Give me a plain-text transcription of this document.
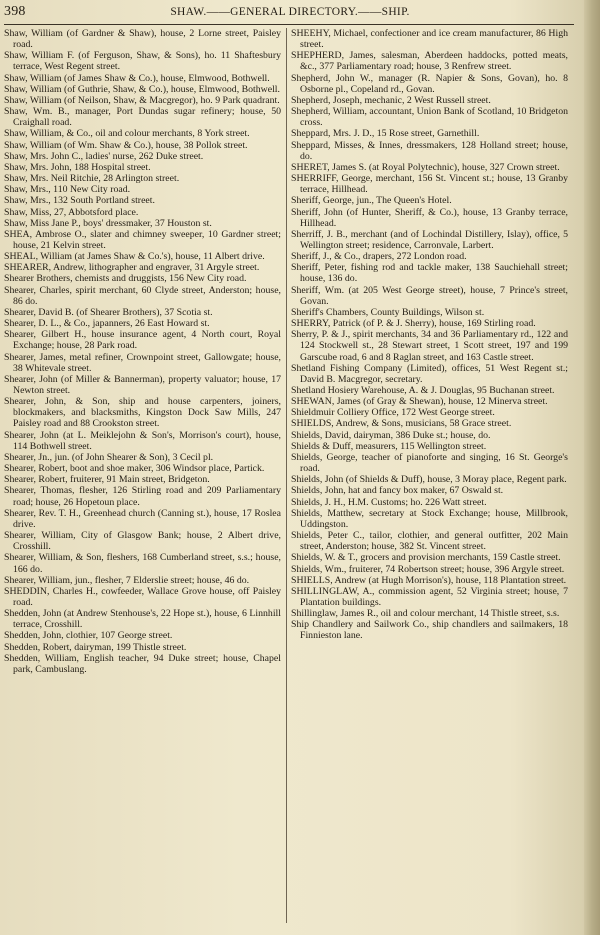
398	SHAW.——GENERAL DIRECTORY.——SHIP.

Shaw, William (of Gardner & Shaw), house, 2 Lorne street, Paisley road.

Shaw, William F. (of Ferguson, Shaw, & Sons), ho. 11 Shaftesbury terrace, West Regent street.

Shaw, William (of James Shaw & Co.), house, Elmwood, Bothwell.

Shaw, William (of Guthrie, Shaw, & Co.), house, Elmwood, Bothwell.

Shaw, William (of Neilson, Shaw, & Macgregor), ho. 9 Park quadrant.

Shaw, Wm. B., manager, Port Dundas sugar refinery; house, 50 Craighall road.

Shaw, William, & Co., oil and colour merchants, 8 York street.

Shaw, William (of Wm. Shaw & Co.), house, 38 Pollok street.

Shaw, Mrs. John C., ladies' nurse, 262 Duke street.

Shaw, Mrs. John, 188 Hospital street.

Shaw, Mrs. Neil Ritchie, 28 Arlington street.

Shaw, Mrs., 110 New City road.

Shaw, Mrs., 132 South Portland street.

Shaw, Miss, 27, Abbotsford place.

Shaw, Miss Jane P., boys' dressmaker, 37 Houston st.

SHEA, Ambrose O., slater and chimney sweeper, 10 Gardner street; house, 21 Kelvin street.

SHEAL, William (at James Shaw & Co.'s), house, 11 Albert drive.

SHEARER, Andrew, lithographer and engraver, 31 Argyle street.

Shearer Brothers, chemists and druggists, 156 New City road.

Shearer, Charles, spirit merchant, 60 Clyde street, Anderston; house, 86 do.

Shearer, David B. (of Shearer Brothers), 37 Scotia st.

Shearer, D. L., & Co., japanners, 26 East Howard st.

Shearer, Gilbert H., house insurance agent, 4 North court, Royal Exchange; house, 28 Park road.

Shearer, James, metal refiner, Crownpoint street, Gallowgate; house, 38 Whitevale street.

Shearer, John (of Miller & Bannerman), property valuator; house, 17 Newton street.

Shearer, John, & Son, ship and house carpenters, joiners, blockmakers, and blacksmiths, Kingston Dock Saw Mills, 247 Paisley road and 88 Crookston street.

Shearer, John (at L. Meiklejohn & Son's, Morrison's court), house, 114 Bothwell street.

Shearer, Jn., jun. (of John Shearer & Son), 3 Cecil pl.

Shearer, Robert, boot and shoe maker, 306 Windsor place, Partick.

Shearer, Robert, fruiterer, 91 Main street, Bridgeton.

Shearer, Thomas, flesher, 126 Stirling road and 209 Parliamentary road; house, 26 Hopetoun place.

Shearer, Rev. T. H., Greenhead church (Canning st.), house, 17 Roslea drive.

Shearer, William, City of Glasgow Bank; house, 2 Albert drive, Crosshill.

Shearer, William, & Son, fleshers, 168 Cumberland street, s.s.; house, 166 do.

Shearer, William, jun., flesher, 7 Elderslie street; house, 46 do.

SHEDDIN, Charles H., cowfeeder, Wallace Grove house, off Paisley road.

Shedden, John (at Andrew Stenhouse's, 22 Hope st.), house, 6 Linnhill terrace, Crosshill.

Shedden, John, clothier, 107 George street.

Shedden, Robert, dairyman, 199 Thistle street.

Shedden, William, English teacher, 94 Duke street; house, Chapel park, Cambuslang.

SHEEHY, Michael, confectioner and ice cream manufacturer, 86 High street.

SHEPHERD, James, salesman, Aberdeen haddocks, potted meats, &c., 377 Parliamentary road; house, 3 Renfrew street.

Shepherd, John W., manager (R. Napier & Sons, Govan), ho. 8 Osborne pl., Copeland rd., Govan.

Shepherd, Joseph, mechanic, 2 West Russell street.

Shepherd, William, accountant, Union Bank of Scotland, 10 Bridgeton cross.

Sheppard, Mrs. J. D., 15 Rose street, Garnethill.

Sheppard, Misses, & Innes, dressmakers, 128 Holland street; house, do.

SHERET, James S. (at Royal Polytechnic), house, 327 Crown street.

SHERRIFF, George, merchant, 156 St. Vincent st.; house, 13 Granby terrace, Hillhead.

Sheriff, George, jun., The Queen's Hotel.

Sheriff, John (of Hunter, Sheriff, & Co.), house, 13 Granby terrace, Hillhead.

Sherriff, J. B., merchant (and of Lochindal Distillery, Islay), office, 5 Wellington street; residence, Carronvale, Larbert.

Sheriff, J., & Co., drapers, 272 London road.

Sheriff, Peter, fishing rod and tackle maker, 138 Sauchiehall street; house, 136 do.

Sheriff, Wm. (at 205 West George street), house, 7 Prince's street, Govan.

Sheriff's Chambers, County Buildings, Wilson st.

SHERRY, Patrick (of P. & J. Sherry), house, 169 Stirling road.

Sherry, P. & J., spirit merchants, 34 and 36 Parliamentary rd., 122 and 124 Stockwell st., 28 Stewart street, 1 Scott street, 197 and 199 Garscube road, 6 and 8 Raglan street, and 163 Castle street.

Shetland Fishing Company (Limited), offices, 51 West Regent st.; David B. Macgregor, secretary.

Shetland Hosiery Warehouse, A. & J. Douglas, 95 Buchanan street.

SHEWAN, James (of Gray & Shewan), house, 12 Minerva street.

Shieldmuir Colliery Office, 172 West George street.

SHIELDS, Andrew, & Sons, musicians, 58 Grace street.

Shields, David, dairyman, 386 Duke st.; house, do.

Shields & Duff, measurers, 115 Wellington street.

Shields, George, teacher of pianoforte and singing, 16 St. George's road.

Shields, John (of Shields & Duff), house, 3 Moray place, Regent park.

Shields, John, hat and fancy box maker, 67 Oswald st.

Shields, J. H., H.M. Customs; ho. 226 Watt street.

Shields, Matthew, secretary at Stock Exchange; house, Millbrook, Uddingston.

Shields, Peter C., tailor, clothier, and general outfitter, 202 Main street, Anderston; house, 382 St. Vincent street.

Shields, W. & T., grocers and provision merchants, 159 Castle street.

Shields, Wm., fruiterer, 74 Robertson street; house, 396 Argyle street.

SHIELLS, Andrew (at Hugh Morrison's), house, 118 Plantation street.

SHILLINGLAW, A., commission agent, 52 Virginia street; house, 7 Plantation buildings.

Shillinglaw, James R., oil and colour merchant, 14 Thistle street, s.s.

Ship Chandlery and Sailwork Co., ship chandlers and sailmakers, 18 Finnieston lane.
